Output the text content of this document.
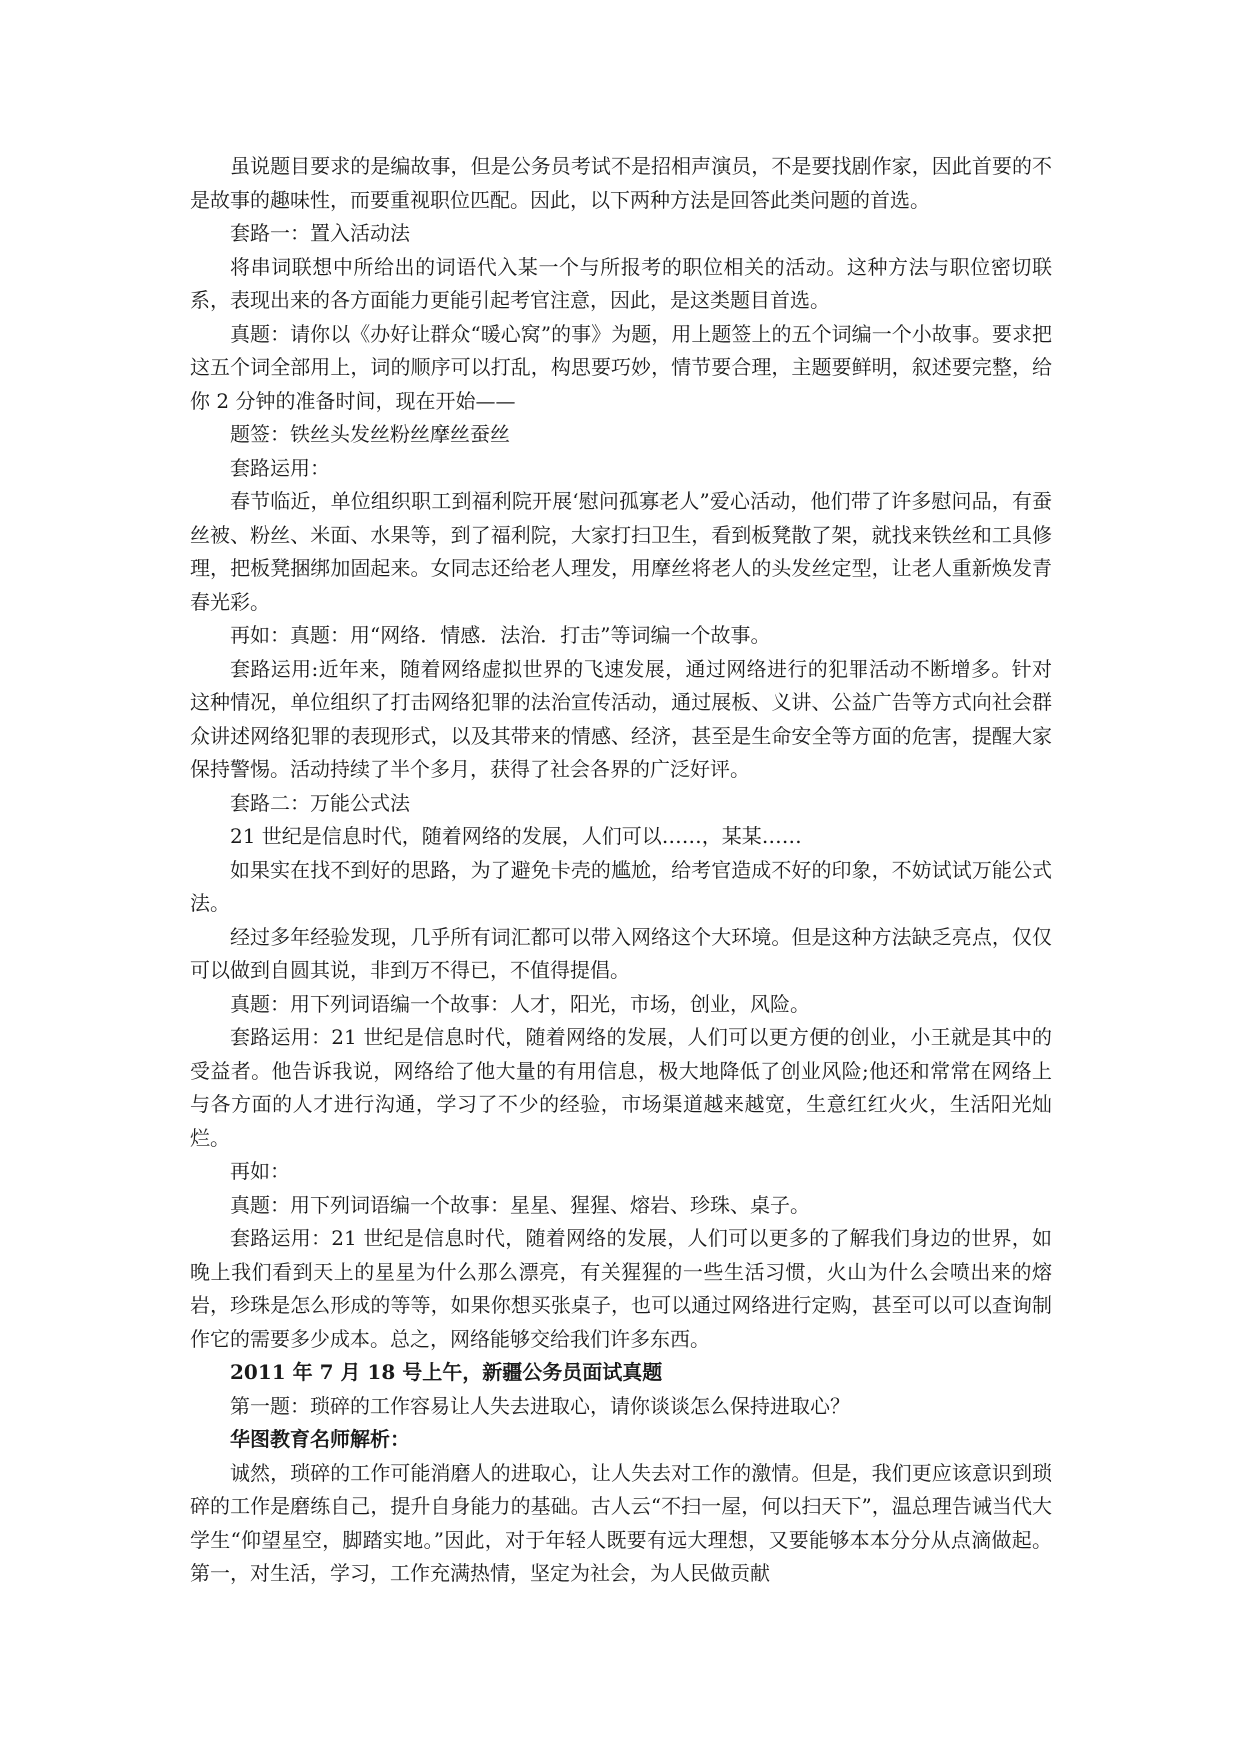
虽说题目要求的是编故事，但是公务员考试不是招相声演员，不是要找剧作家，因此首要的不是故事的趣味性，而要重视职位匹配。因此，以下两种方法是回答此类问题的首选。

套路一：置入活动法

将串词联想中所给出的词语代入某一个与所报考的职位相关的活动。这种方法与职位密切联系，表现出来的各方面能力更能引起考官注意，因此，是这类题目首选。

真题：请你以《办好让群众“暖心窝”的事》为题，用上题签上的五个词编一个小故事。要求把这五个词全部用上，词的顺序可以打乱，构思要巧妙，情节要合理，主题要鲜明，叙述要完整，给你 2 分钟的准备时间，现在开始——

题签：铁丝头发丝粉丝摩丝蚕丝

套路运用：

春节临近，单位组织职工到福利院开展‘慰问孤寡老人”爱心活动，他们带了许多慰问品，有蚕丝被、粉丝、米面、水果等，到了福利院，大家打扫卫生，看到板凳散了架，就找来铁丝和工具修理，把板凳捆绑加固起来。女同志还给老人理发，用摩丝将老人的头发丝定型，让老人重新焕发青春光彩。

再如：真题：用“网络．情感．法治．打击”等词编一个故事。

套路运用:近年来，随着网络虚拟世界的飞速发展，通过网络进行的犯罪活动不断增多。针对这种情况，单位组织了打击网络犯罪的法治宣传活动，通过展板、义讲、公益广告等方式向社会群众讲述网络犯罪的表现形式，以及其带来的情感、经济，甚至是生命安全等方面的危害，提醒大家保持警惕。活动持续了半个多月，获得了社会各界的广泛好评。

套路二：万能公式法

21 世纪是信息时代，随着网络的发展，人们可以……，某某……

如果实在找不到好的思路，为了避免卡壳的尴尬，给考官造成不好的印象，不妨试试万能公式法。

经过多年经验发现，几乎所有词汇都可以带入网络这个大环境。但是这种方法缺乏亮点，仅仅可以做到自圆其说，非到万不得已，不值得提倡。

真题：用下列词语编一个故事：人才，阳光，市场，创业，风险。

套路运用：21 世纪是信息时代，随着网络的发展，人们可以更方便的创业，小王就是其中的受益者。他告诉我说，网络给了他大量的有用信息，极大地降低了创业风险;他还和常常在网络上与各方面的人才进行沟通，学习了不少的经验，市场渠道越来越宽，生意红红火火，生活阳光灿烂。

再如：

真题：用下列词语编一个故事：星星、猩猩、熔岩、珍珠、桌子。

套路运用：21 世纪是信息时代，随着网络的发展，人们可以更多的了解我们身边的世界，如晚上我们看到天上的星星为什么那么漂亮，有关猩猩的一些生活习惯，火山为什么会喷出来的熔岩，珍珠是怎么形成的等等，如果你想买张桌子，也可以通过网络进行定购，甚至可以可以查询制作它的需要多少成本。总之，网络能够交给我们许多东西。

2011 年 7 月 18 号上午，新疆公务员面试真题

第一题：琐碎的工作容易让人失去进取心，请你谈谈怎么保持进取心？

华图教育名师解析：

诚然，琐碎的工作可能消磨人的进取心，让人失去对工作的激情。但是，我们更应该意识到琐碎的工作是磨练自己，提升自身能力的基础。古人云“不扫一屋，何以扫天下”，温总理告诫当代大学生“仰望星空，脚踏实地。”因此，对于年轻人既要有远大理想，又要能够本本分分从点滴做起。第一，对生活，学习，工作充满热情，坚定为社会，为人民做贡献
